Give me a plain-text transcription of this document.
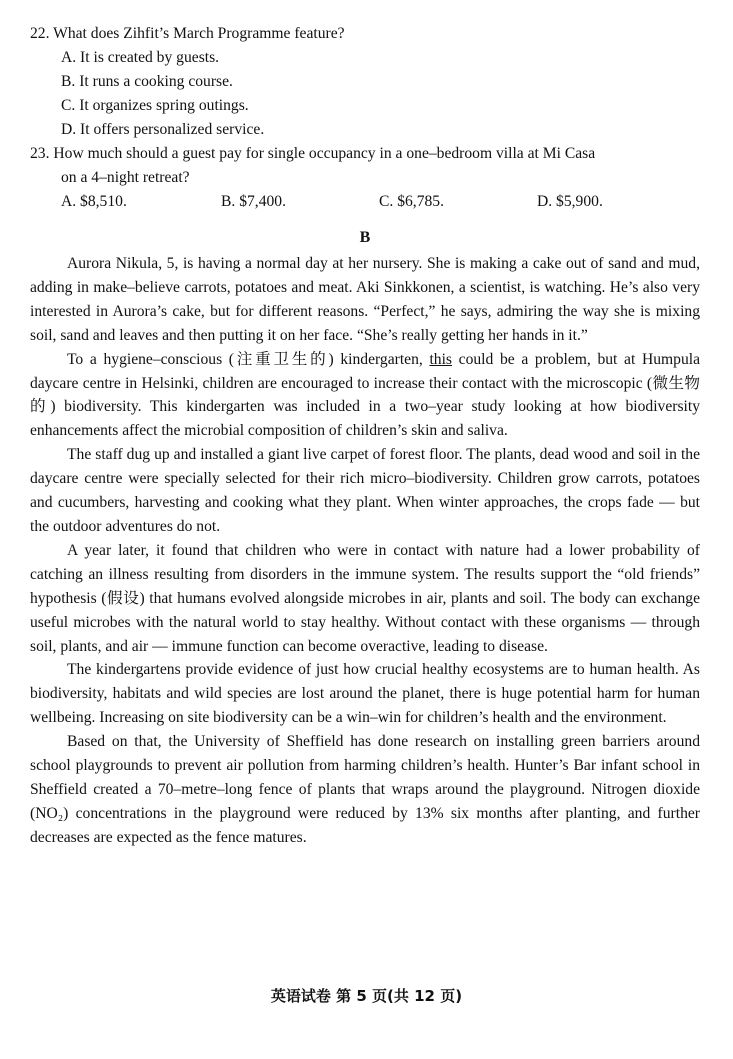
22. What does Zihfit’s March Programme feature?
A. It is created by guests.
B. It runs a cooking course.
C. It organizes spring outings.
D. It offers personalized service.
23. How much should a guest pay for single occupancy in a one–bedroom villa at Mi Casa
on a 4–night retreat?
A. $8,510.	B. $7,400.	C. $6,785.	D. $5,900.
B

Aurora Nikula, 5, is having a normal day at her nursery. She is making a cake out of sand and mud, adding in make–believe carrots, potatoes and meat. Aki Sinkkonen, a scientist, is watching. He’s also very interested in Aurora’s cake, but for different reasons. “Perfect,” he says, admiring the way she is mixing soil, sand and leaves and then putting it on her face. “She’s really getting her hands in it.”

To a hygiene–conscious (注重卫生的) kindergarten, this could be a problem, but at Humpula daycare centre in Helsinki, children are encouraged to increase their contact with the microscopic (微生物的) biodiversity. This kindergarten was included in a two–year study looking at how biodiversity enhancements affect the microbial composition of children’s skin and saliva.

The staff dug up and installed a giant live carpet of forest floor. The plants, dead wood and soil in the daycare centre were specially selected for their rich micro–biodiversity. Children grow carrots, potatoes and cucumbers, harvesting and cooking what they plant. When winter approaches, the crops fade — but the outdoor adventures do not.

A year later, it found that children who were in contact with nature had a lower probability of catching an illness resulting from disorders in the immune system. The results support the “old friends” hypothesis (假设) that humans evolved alongside microbes in air, plants and soil. The body can exchange useful microbes with the natural world to stay healthy. Without contact with these organisms — through soil, plants, and air — immune function can become overactive, leading to disease.

The kindergartens provide evidence of just how crucial healthy ecosystems are to human health. As biodiversity, habitats and wild species are lost around the planet, there is huge potential harm for human wellbeing. Increasing on site biodiversity can be a win–win for children’s health and the environment.

Based on that, the University of Sheffield has done research on installing green barriers around school playgrounds to prevent air pollution from harming children’s health. Hunter’s Bar infant school in Sheffield created a 70–metre–long fence of plants that wraps around the playground. Nitrogen dioxide (NO₂) concentrations in the playground were reduced by 13% six months after planting, and further decreases are expected as the fence matures.

英语试卷 第 5 页(共 12 页)
